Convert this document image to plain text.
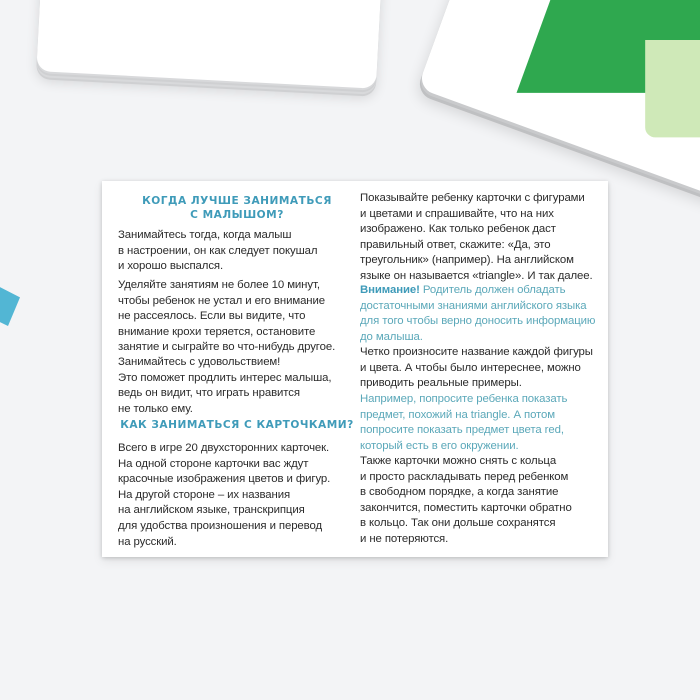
КОГДА ЛУЧШЕ ЗАНИМАТЬСЯ
С МАЛЫШОМ?

Занимайтесь тогда, когда малыш
в настроении, он как следует покушал
и хорошо выспался.

Уделяйте занятиям не более 10 минут,
чтобы ребенок не устал и его внимание
не рассеялось. Если вы видите, что
внимание крохи теряется, остановите
занятие и сыграйте во что-нибудь другое.

Занимайтесь с удовольствием!
Это поможет продлить интерес малыша,
ведь он видит, что играть нравится
не только ему.

КАК ЗАНИМАТЬСЯ С КАРТОЧКАМИ?

Всего в игре 20 двухсторонних карточек.
На одной стороне карточки вас ждут
красочные изображения цветов и фигур.
На другой стороне – их названия
на английском языке, транскрипция
для удобства произношения и перевод
на русский.

Показывайте ребенку карточки с фигурами
и цветами и спрашивайте, что на них
изображено. Как только ребенок даст
правильный ответ, скажите: «Да, это
треугольник» (например). На английском
языке он называется «triangle». И так далее.

Внимание! Родитель должен обладать
достаточными знаниями английского языка
для того чтобы верно доносить информацию
до малыша.

Четко произносите название каждой фигуры
и цвета. А чтобы было интереснее, можно
приводить реальные примеры.

Например, попросите ребенка показать
предмет, похожий на triangle. А потом
попросите показать предмет цвета red,
который есть в его окружении.

Также карточки можно снять с кольца
и просто раскладывать перед ребенком
в свободном порядке, а когда занятие
закончится, поместить карточки обратно
в кольцо. Так они дольше сохранятся
и не потеряются.
